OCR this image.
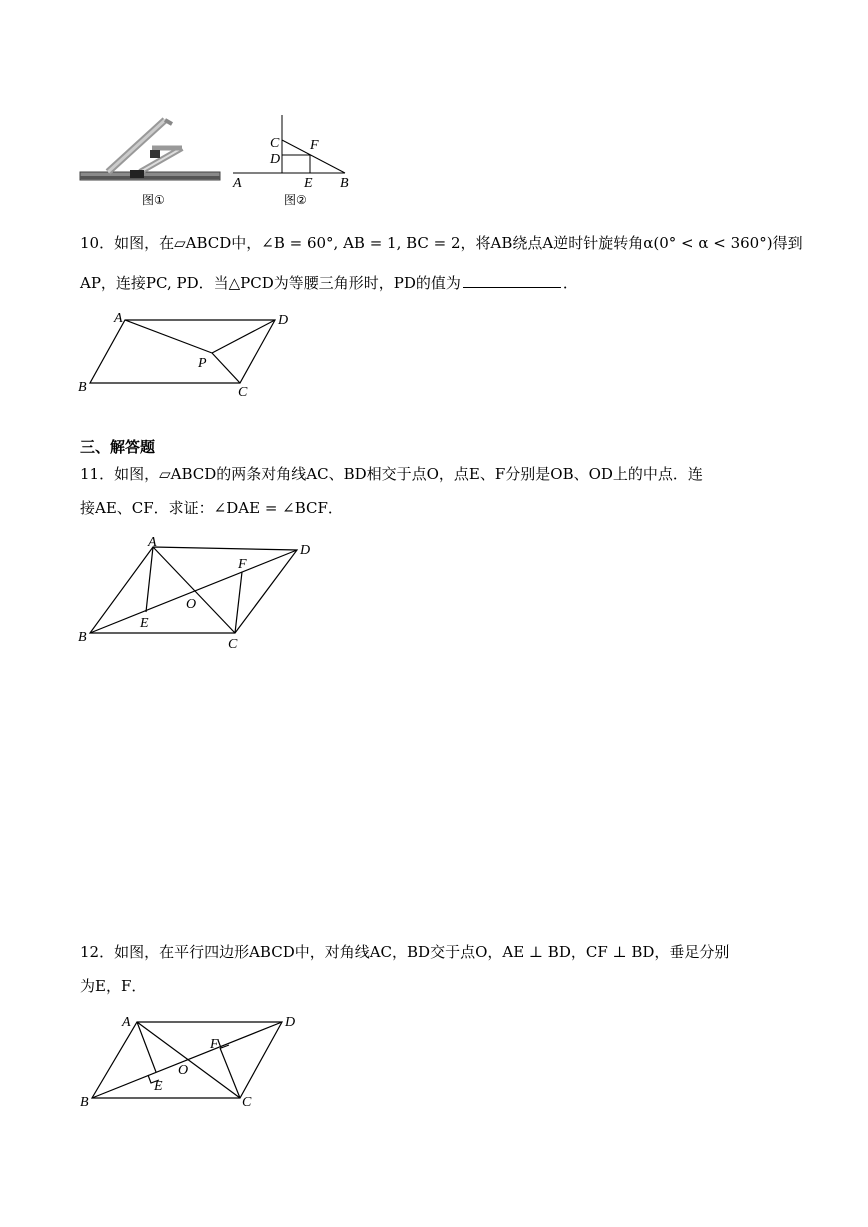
图①
C
D
F
A	E B
图②
10．如图，在▱ABCD中，∠B = 60°, AB = 1, BC = 2，将AB绕点A逆时针旋转角α(0° < α < 360°)得到
AP，连接PC, PD．当△PCD为等腰三角形时，PD的值为	．
A	D
B	C
P
三、解答题
11．如图，▱ABCD的两条对角线AC、BD相交于点O，点E、F分别是OB、OD上的中点．连
接AE、CF．求证：∠DAE = ∠BCF．
A
D
B	C
E
F
O
12．如图，在平行四边形ABCD中，对角线AC，BD交于点O，AE ⊥ BD，CF ⊥ BD，垂足分别
为E，F．
A	D
B	C
E
F
O
